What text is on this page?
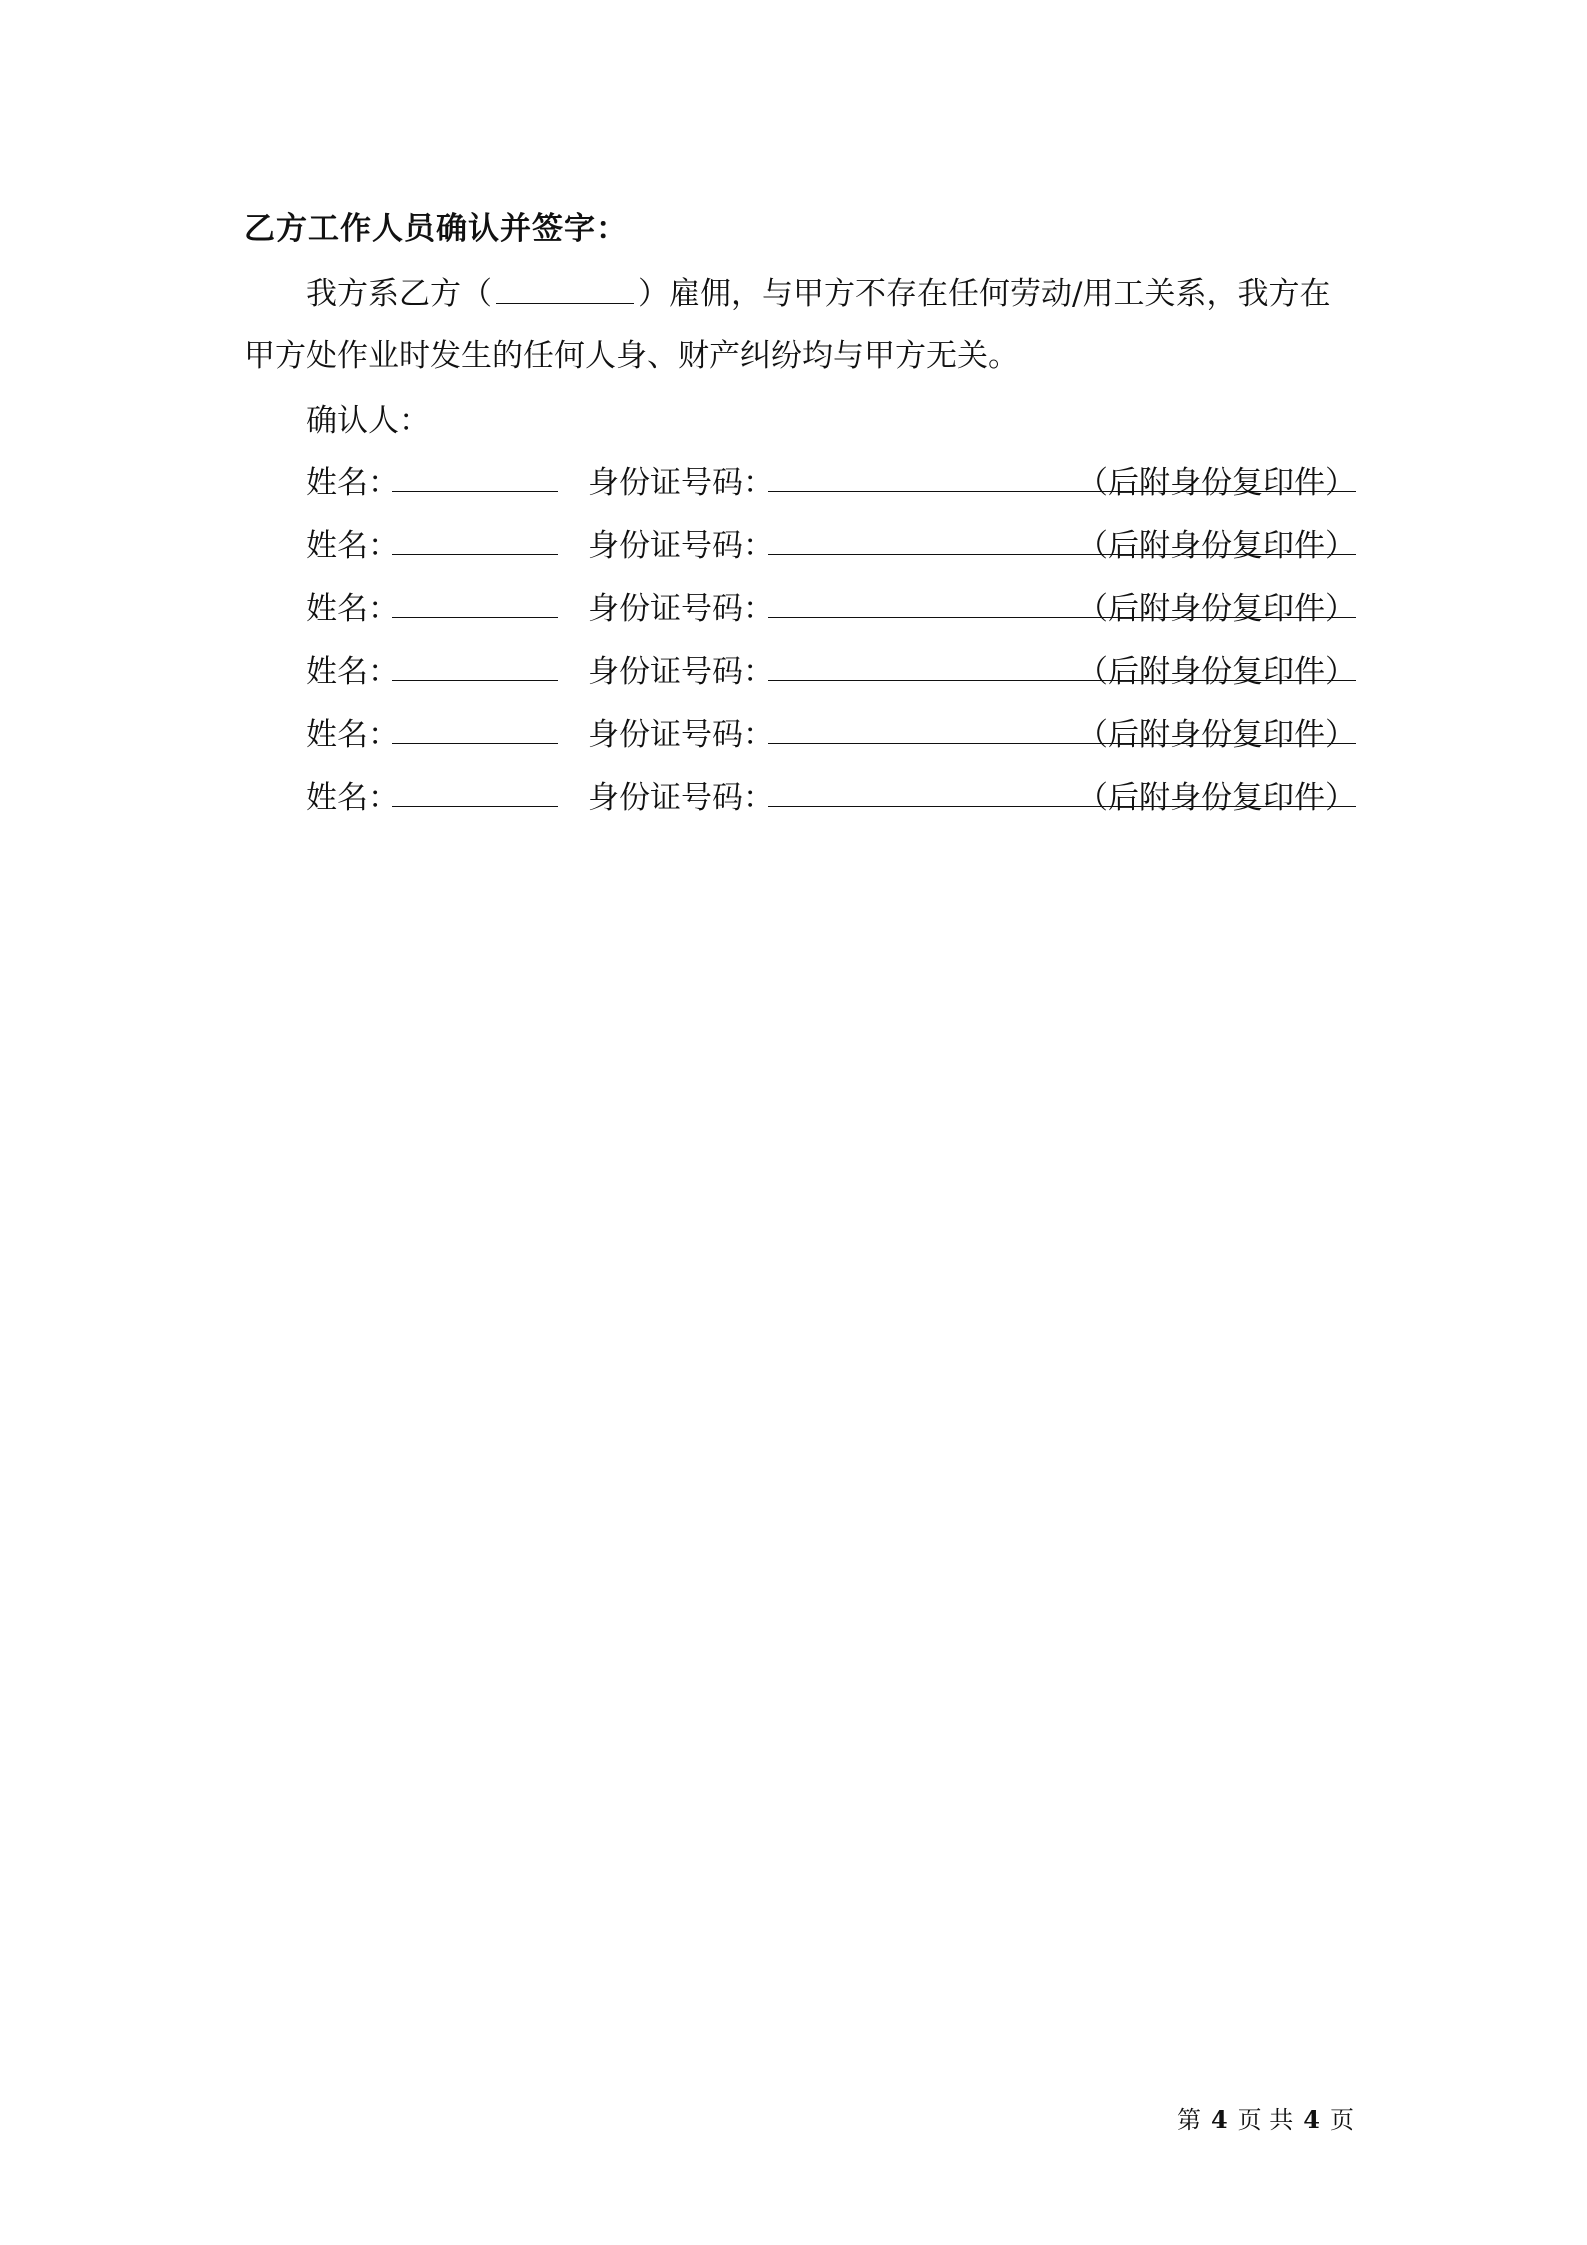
乙方工作人员确认并签字：
我方系乙方（	）雇佣，与甲方不存在任何劳动/用工关系，我方在
甲方处作业时发生的任何人身、财产纠纷均与甲方无关。
确认人：
姓名：	身份证号码：	（后附身份复印件）
姓名：	身份证号码：	（后附身份复印件）
姓名：	身份证号码：	（后附身份复印件）
姓名：	身份证号码：	（后附身份复印件）
姓名：	身份证号码：	（后附身份复印件）
姓名：	身份证号码：	（后附身份复印件）
第 4 页 共 4 页
